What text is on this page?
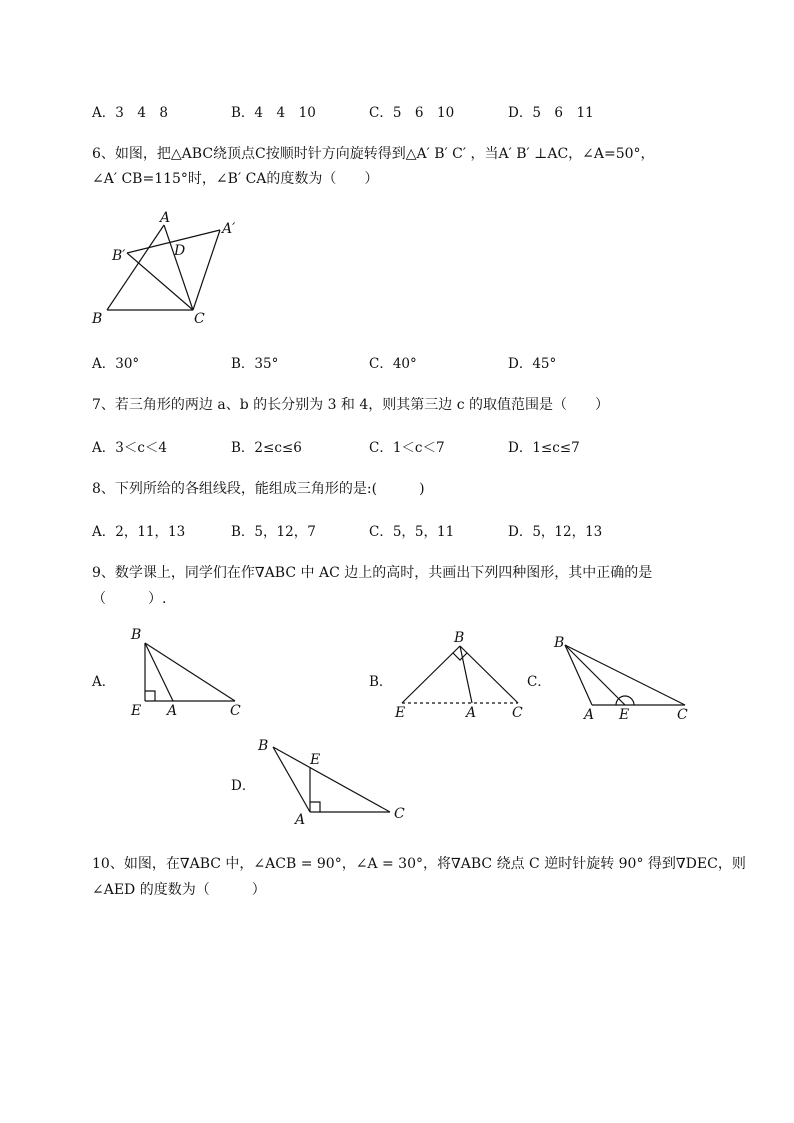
A．3　4　8	B．4　4　10	C．5　6　10	D．5　6　11
6、如图，把△ABC绕顶点C按顺时针方向旋转得到△A′ B′ C′ ，当A′ B′ ⊥AC，∠A=50°，
∠A′ CB=115°时，∠B′ CA的度数为（　　）
A
A′
B′	D
B	C
A．30°	B．35°	C．40°	D．45°
7、若三角形的两边 a、b 的长分别为 3 和 4，则其第三边 c 的取值范围是（　　）
A．3＜c＜4	B．2≤c≤6	C．1＜c＜7	D．1≤c≤7
8、下列所给的各组线段，能组成三角形的是:(　　　)
A．2，11，13	B．5，12，7	C．5，5，11	D．5，12，13
9、数学课上，同学们在作∇ABC 中 AC 边上的高时，共画出下列四种图形，其中正确的是
（　　　）.
A．
B
E A	C
B．
B
E	A	C
C．
B
A E	C
D．
B
E
A	C
10、如图，在∇ABC 中，∠ACB = 90°，∠A = 30°，将∇ABC 绕点 C 逆时针旋转 90° 得到∇DEC，则
∠AED 的度数为（　　　）
